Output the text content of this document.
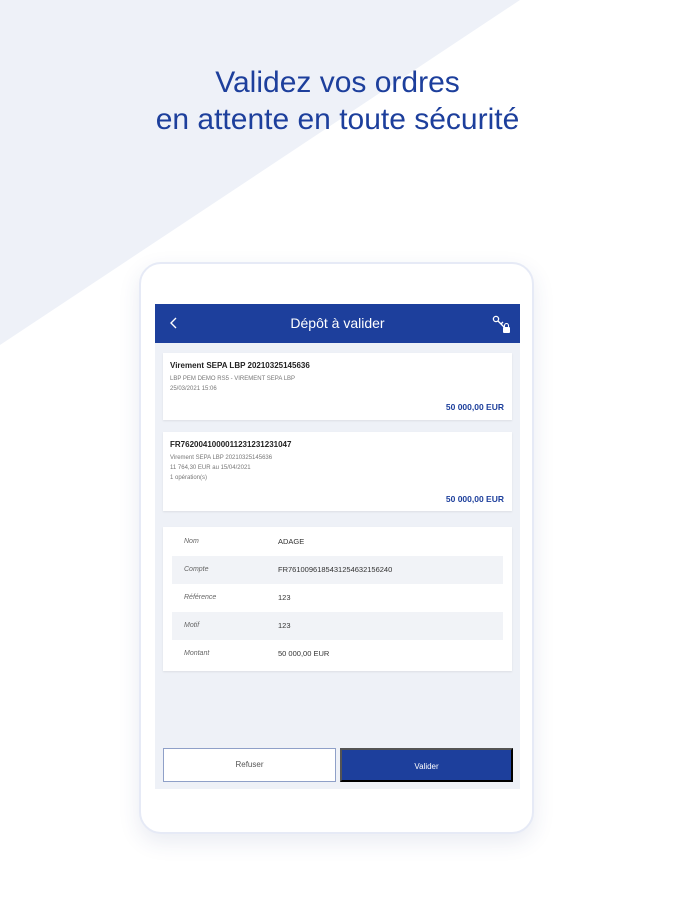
Validez vos ordres
en attente en toute sécurité
Dépôt à valider
Virement SEPA LBP 20210325145636
LBP PEM DEMO RS5 - VIREMENT SEPA LBP
25/03/2021 15:06
50 000,00 EUR
FR7620041000011231231231047
Virement SEPA LBP 20210325145636
11 764,30 EUR au 15/04/2021
1 opération(s)
50 000,00 EUR
Nom	ADAGE
Compte	FR7610096185431254632156240
Référence	123
Motif	123
Montant	50 000,00 EUR
Refuser	Valider
